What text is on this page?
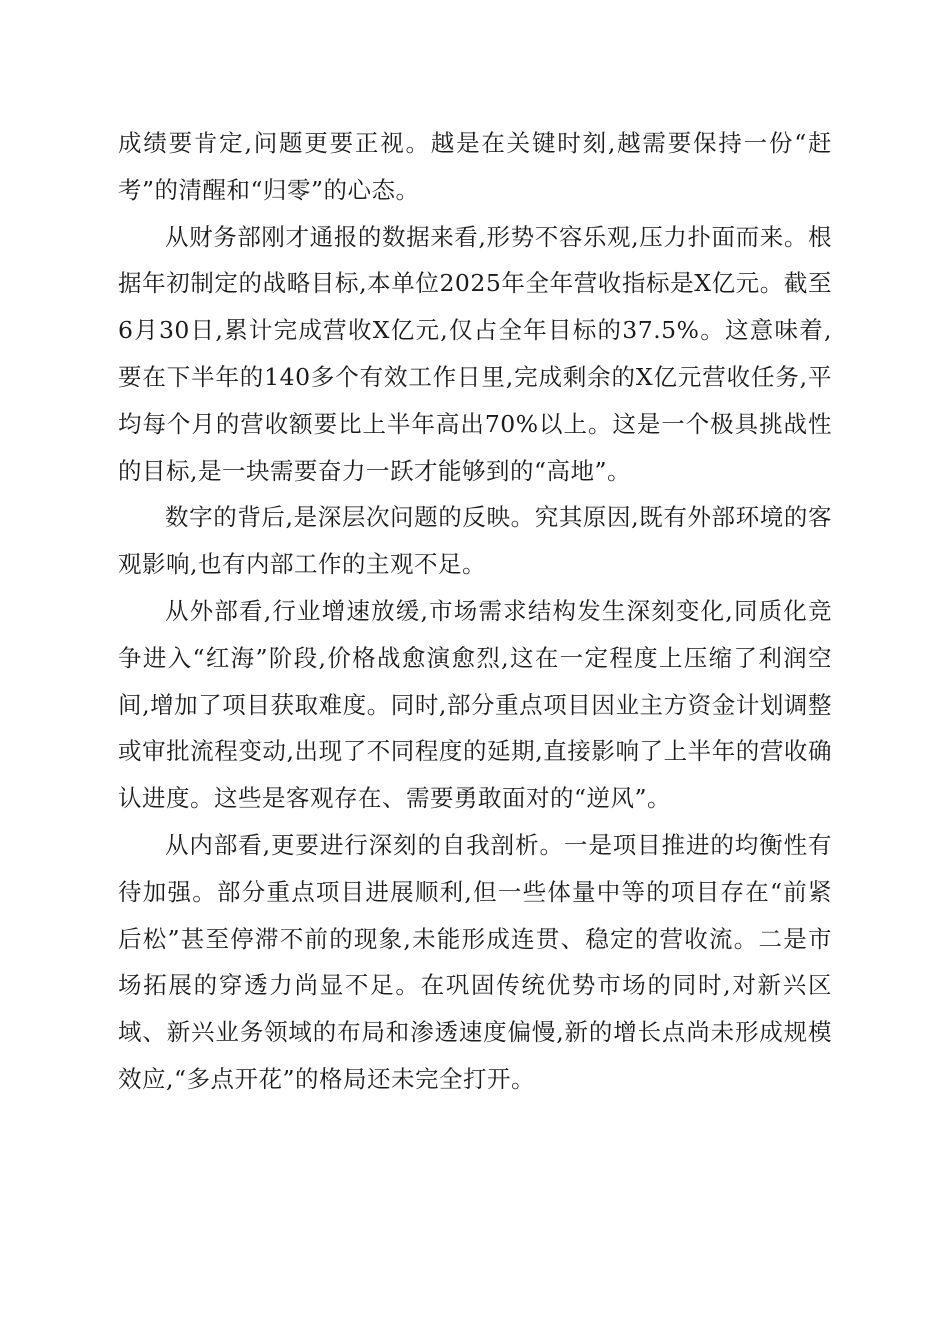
成绩要肯定,问题更要正视。越是在关键时刻,越需要保持一份“赶考”的清醒和“归零”的心态。

从财务部刚才通报的数据来看,形势不容乐观,压力扑面而来。根据年初制定的战略目标,本单位2025年全年营收指标是X亿元。截至6月30日,累计完成营收X亿元,仅占全年目标的37.5%。这意味着,要在下半年的140多个有效工作日里,完成剩余的X亿元营收任务,平均每个月的营收额要比上半年高出70%以上。这是一个极具挑战性的目标,是一块需要奋力一跃才能够到的“高地”。

数字的背后,是深层次问题的反映。究其原因,既有外部环境的客观影响,也有内部工作的主观不足。

从外部看,行业增速放缓,市场需求结构发生深刻变化,同质化竞争进入“红海”阶段,价格战愈演愈烈,这在一定程度上压缩了利润空间,增加了项目获取难度。同时,部分重点项目因业主方资金计划调整或审批流程变动,出现了不同程度的延期,直接影响了上半年的营收确认进度。这些是客观存在、需要勇敢面对的“逆风”。

从内部看,更要进行深刻的自我剖析。一是项目推进的均衡性有待加强。部分重点项目进展顺利,但一些体量中等的项目存在“前紧后松”甚至停滞不前的现象,未能形成连贯、稳定的营收流。二是市场拓展的穿透力尚显不足。在巩固传统优势市场的同时,对新兴区域、新兴业务领域的布局和渗透速度偏慢,新的增长点尚未形成规模效应,“多点开花”的格局还未完全打开。
